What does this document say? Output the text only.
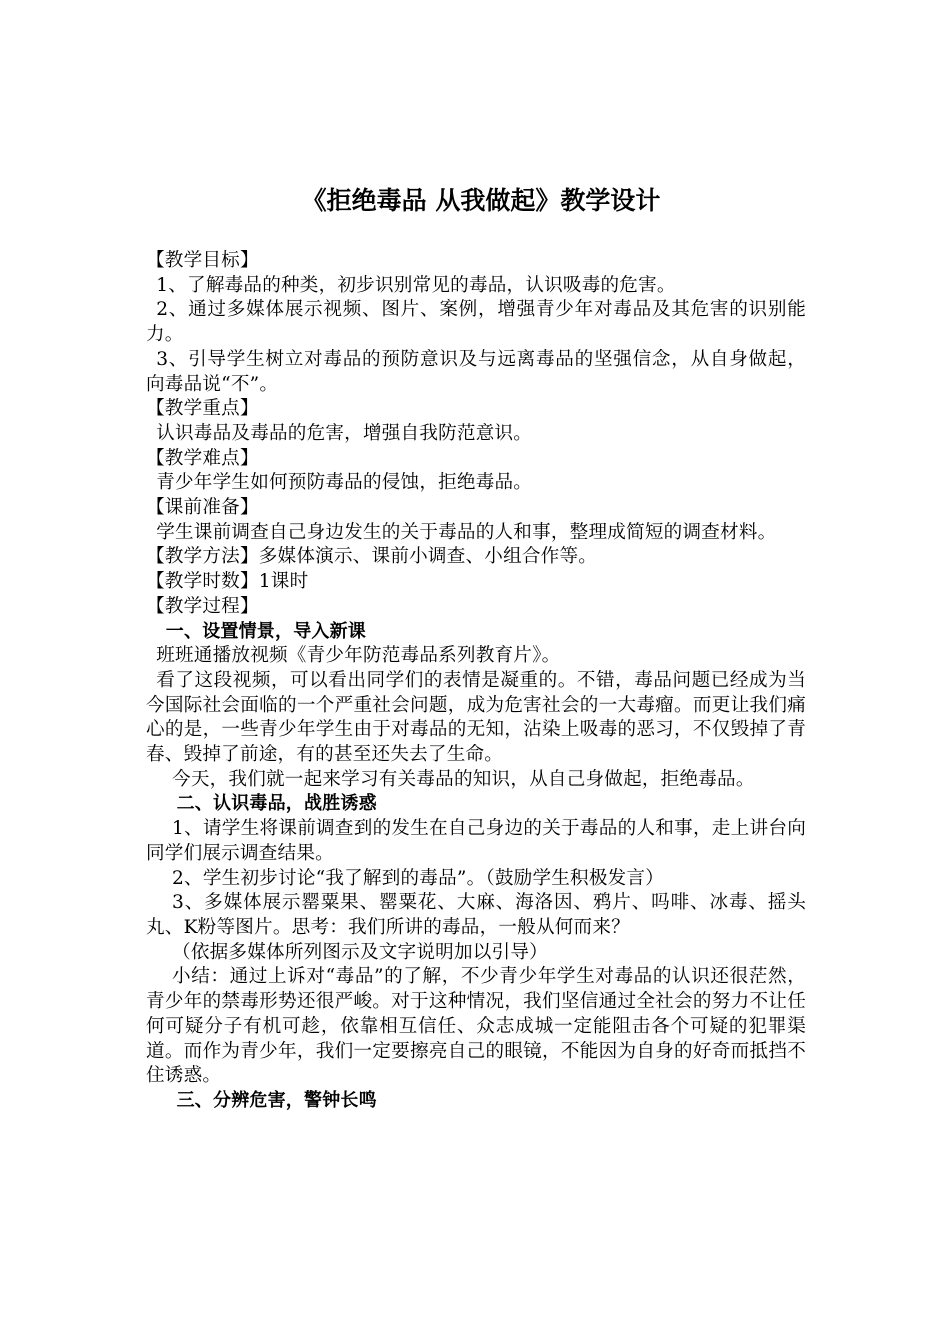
《拒绝毒品 从我做起》教学设计

【教学目标】

1、了解毒品的种类，初步识别常见的毒品，认识吸毒的危害。

2、通过多媒体展示视频、图片、案例，增强青少年对毒品及其危害的识别能力。

3、引导学生树立对毒品的预防意识及与远离毒品的坚强信念，从自身做起，向毒品说“不”。

【教学重点】

认识毒品及毒品的危害，增强自我防范意识。

【教学难点】

青少年学生如何预防毒品的侵蚀，拒绝毒品。

【课前准备】

学生课前调查自己身边发生的关于毒品的人和事，整理成简短的调查材料。

【教学方法】多媒体演示、课前小调查、小组合作等。

【教学时数】1课时

【教学过程】

一、设置情景，导入新课

班班通播放视频《青少年防范毒品系列教育片》。

看了这段视频，可以看出同学们的表情是凝重的。不错，毒品问题已经成为当今国际社会面临的一个严重社会问题，成为危害社会的一大毒瘤。而更让我们痛心的是，一些青少年学生由于对毒品的无知，沾染上吸毒的恶习，不仅毁掉了青春、毁掉了前途，有的甚至还失去了生命。

今天，我们就一起来学习有关毒品的知识，从自己身做起，拒绝毒品。

二、认识毒品，战胜诱惑

1、请学生将课前调查到的发生在自己身边的关于毒品的人和事，走上讲台向同学们展示调查结果。

2、学生初步讨论“我了解到的毒品”。（鼓励学生积极发言）

3、多媒体展示罂粟果、罂粟花、大麻、海洛因、鸦片、吗啡、冰毒、摇头丸、K粉等图片。思考：我们所讲的毒品，一般从何而来？

（依据多媒体所列图示及文字说明加以引导）

小结：通过上诉对“毒品”的了解，不少青少年学生对毒品的认识还很茫然，青少年的禁毒形势还很严峻。对于这种情况，我们坚信通过全社会的努力不让任何可疑分子有机可趁，依靠相互信任、众志成城一定能阻击各个可疑的犯罪渠道。而作为青少年，我们一定要擦亮自己的眼镜，不能因为自身的好奇而抵挡不住诱惑。

三、分辨危害，警钟长鸣
